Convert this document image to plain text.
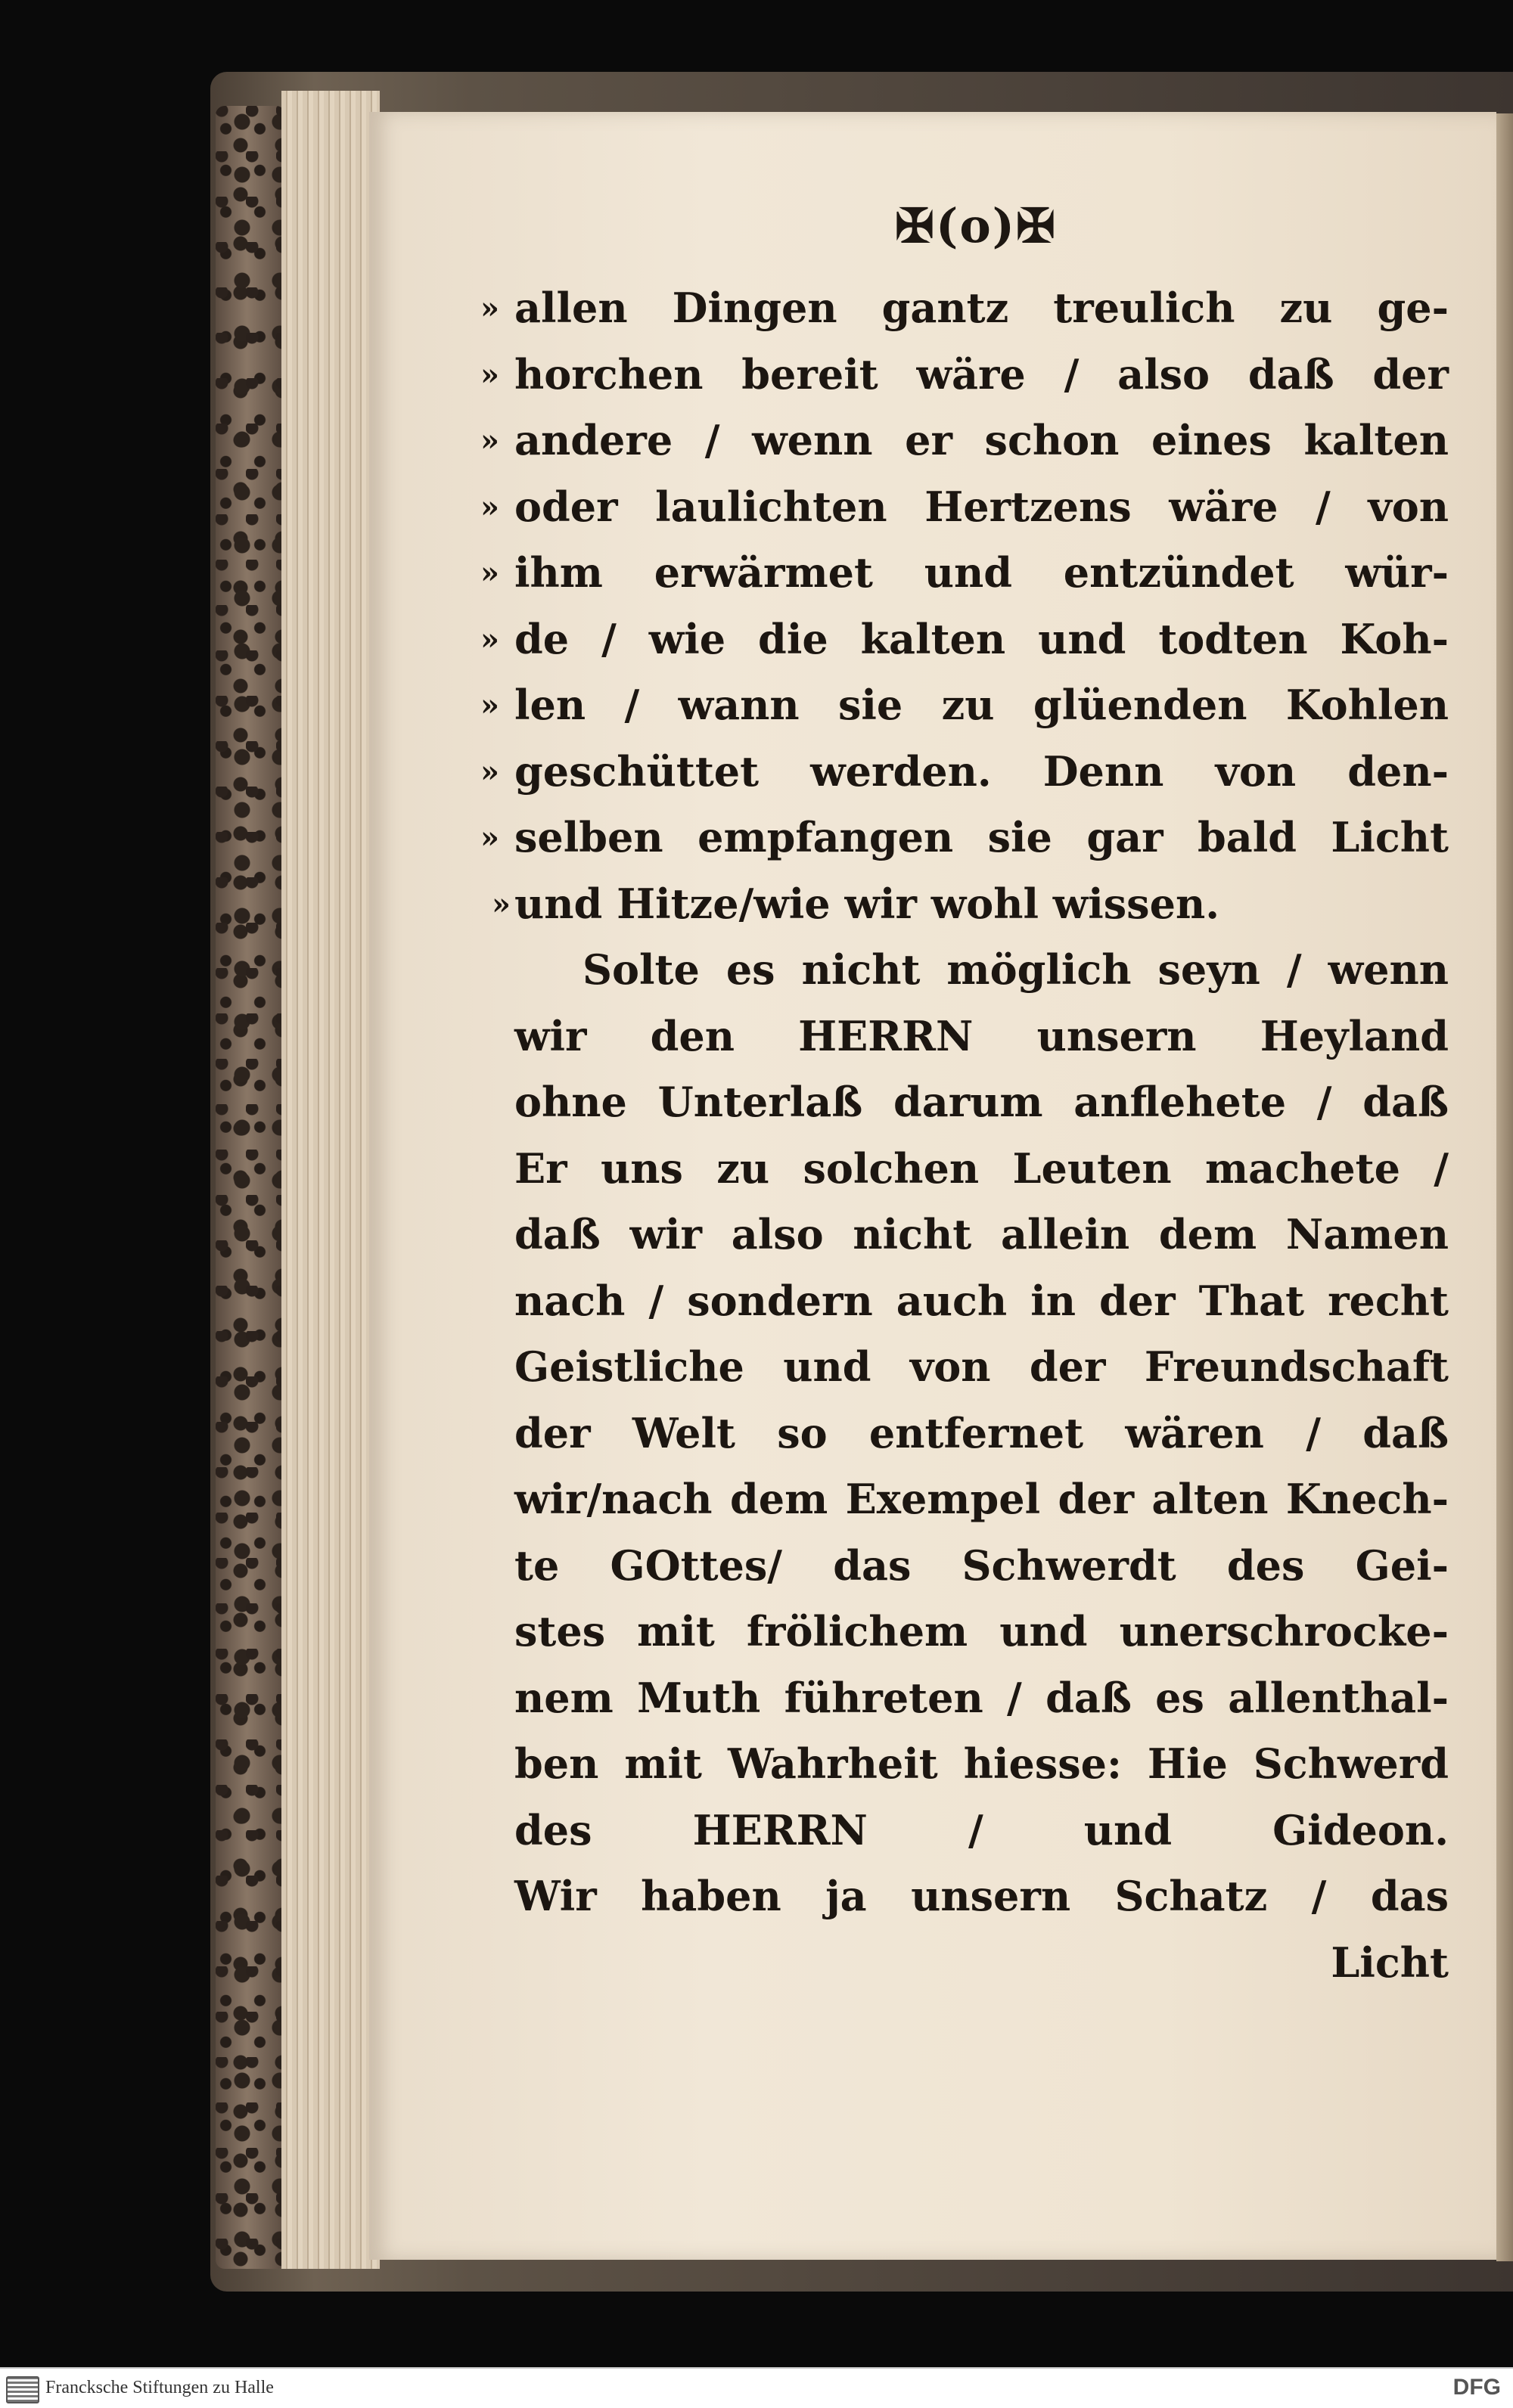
✠(o)✠
» allen Dingen gantz treulich zu ge-
» horchen bereit wäre / also daß der
» andere / wenn er schon eines kalten
» oder laulichten Hertzens wäre / von
» ihm erwärmet und entzündet wür-
» de / wie die kalten und todten Koh-
» len / wann sie zu glüenden Kohlen
» geschüttet werden. Denn von den-
» selben empfangen sie gar bald Licht
» und Hitze/wie wir wohl wissen.
Solte es nicht möglich seyn / wenn
wir den HERRN unsern Heyland
ohne Unterlaß darum anflehete / daß
Er uns zu solchen Leuten machete /
daß wir also nicht allein dem Namen
nach / sondern auch in der That recht
Geistliche und von der Freundschaft
der Welt so entfernet wären / daß
wir/nach dem Exempel der alten Knech-
te GOttes/ das Schwerdt des Gei-
stes mit frölichem und unerschrocke-
nem Muth führeten / daß es allenthal-
ben mit Wahrheit hiesse: Hie Schwerd
des HERRN / und Gideon.
Wir haben ja unsern Schatz / das
Licht
Francksche Stiftungen zu Halle	DFG
